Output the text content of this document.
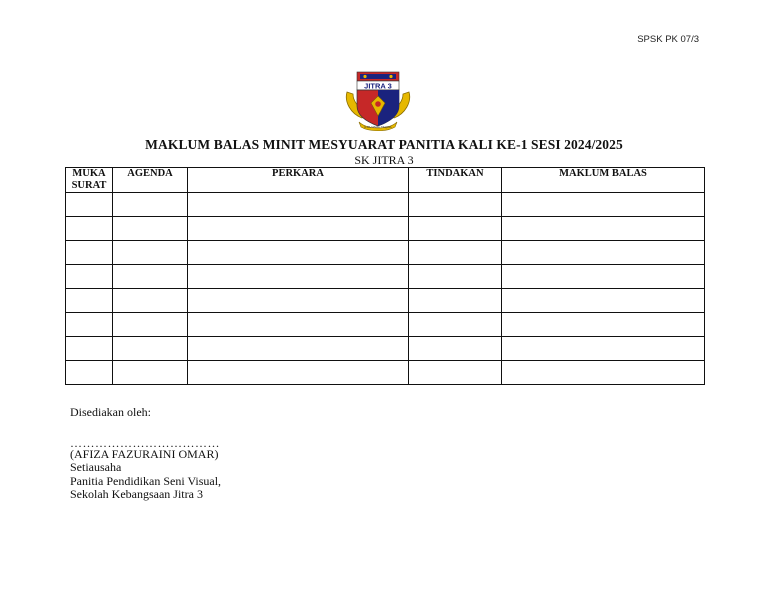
SPSK PK 07/3
JITRA 3
ILMU AMAL TAQWA
MAKLUM BALAS MINIT MESYUARAT PANITIA KALI KE-1 SESI 2024/2025
SK JITRA 3
MUKA
SURAT	AGENDA	PERKARA	TINDAKAN	MAKLUM BALAS

Disediakan oleh:
………………………………
(AFIZA FAZURAINI OMAR)
Setiausaha
Panitia Pendidikan Seni Visual,
Sekolah Kebangsaan Jitra 3
